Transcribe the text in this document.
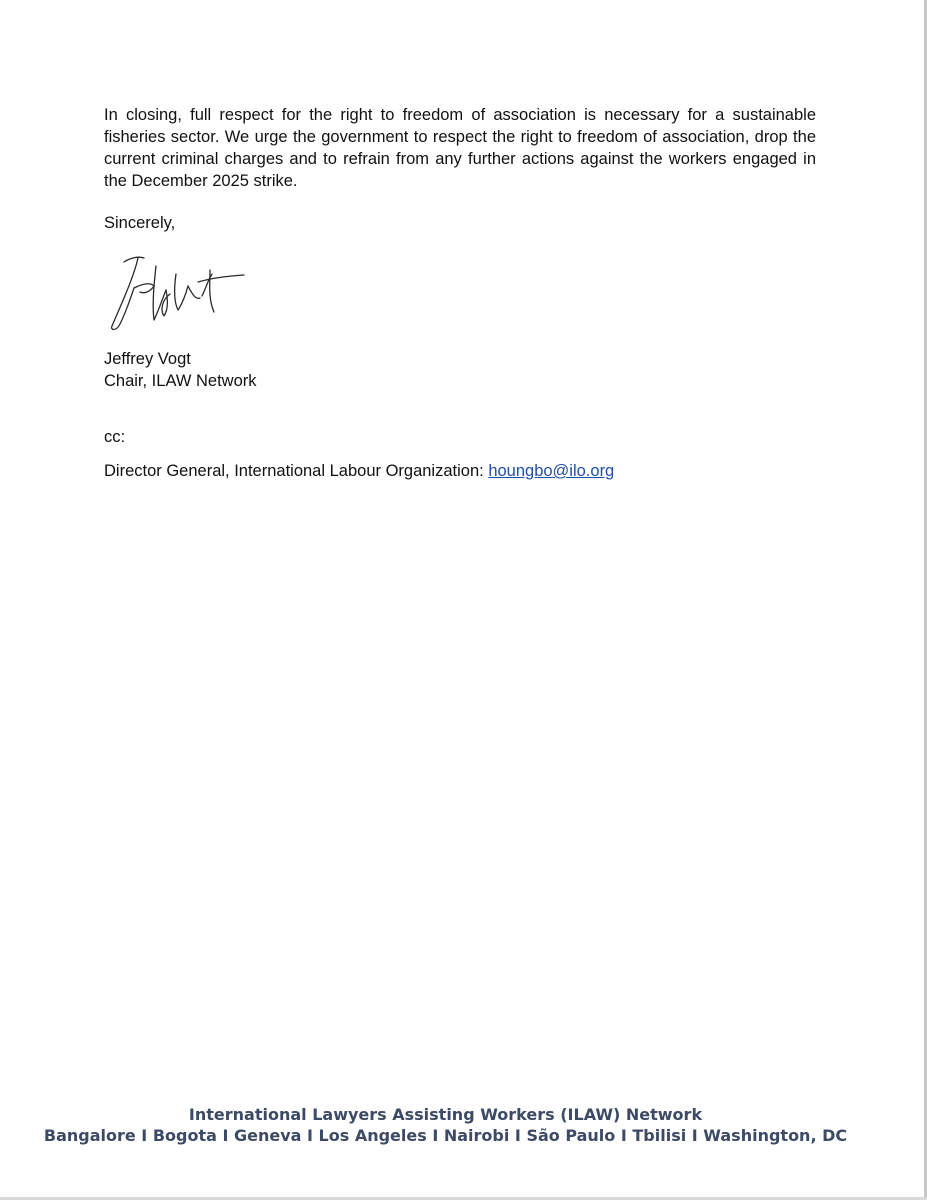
In closing, full respect for the right to freedom of association is necessary for a sustainable fisheries sector. We urge the government to respect the right to freedom of association, drop the current criminal charges and to refrain from any further actions against the workers engaged in the December 2025 strike.

Sincerely,

Jeffrey Vogt
Chair, ILAW Network

cc:

Director General, International Labour Organization: houngbo@ilo.org

International Lawyers Assisting Workers (ILAW) Network
Bangalore I Bogota I Geneva I Los Angeles I Nairobi I São Paulo I Tbilisi I Washington, DC
